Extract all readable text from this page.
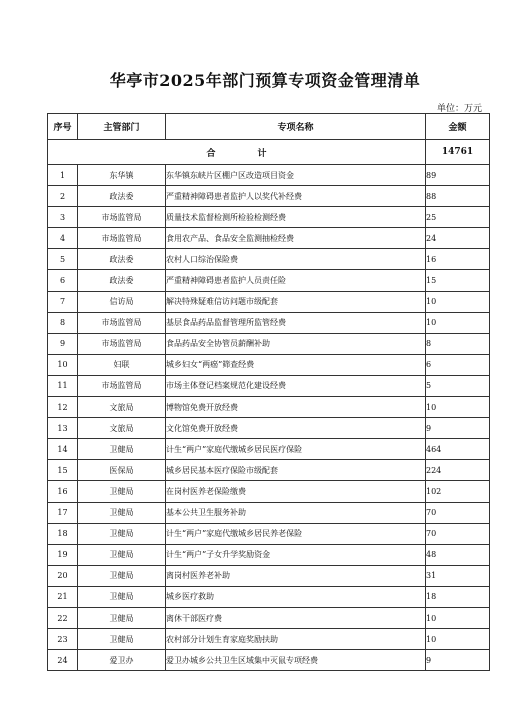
华亭市2025年部门预算专项资金管理清单
单位：万元
序号	主管部门	专项名称	金额
合计			14761
1	东华镇	东华镇东峡片区棚户区改造项目资金	89
2	政法委	严重精神障碍患者监护人以奖代补经费	88
3	市场监管局	质量技术监督检测所检验检测经费	25
4	市场监管局	食用农产品、食品安全监测抽检经费	24
5	政法委	农村人口综治保险费	16
6	政法委	严重精神障碍患者监护人员责任险	15
7	信访局	解决特殊疑难信访问题市级配套	10
8	市场监管局	基层食品药品监督管理所监管经费	10
9	市场监管局	食品药品安全协管员薪酬补助	8
10	妇联	城乡妇女“两癌”筛查经费	6
11	市场监管局	市场主体登记档案规范化建设经费	5
12	文旅局	博物馆免费开放经费	10
13	文旅局	文化馆免费开放经费	9
14	卫健局	计生“两户”家庭代缴城乡居民医疗保险	464
15	医保局	城乡居民基本医疗保险市级配套	224
16	卫健局	在岗村医养老保险缴费	102
17	卫健局	基本公共卫生服务补助	70
18	卫健局	计生“两户”家庭代缴城乡居民养老保险	70
19	卫健局	计生“两户”子女升学奖励资金	48
20	卫健局	离岗村医养老补助	31
21	卫健局	城乡医疗救助	18
22	卫健局	离休干部医疗费	10
23	卫健局	农村部分计划生育家庭奖励扶助	10
24	爱卫办	爱卫办城乡公共卫生区域集中灭鼠专项经费	9
